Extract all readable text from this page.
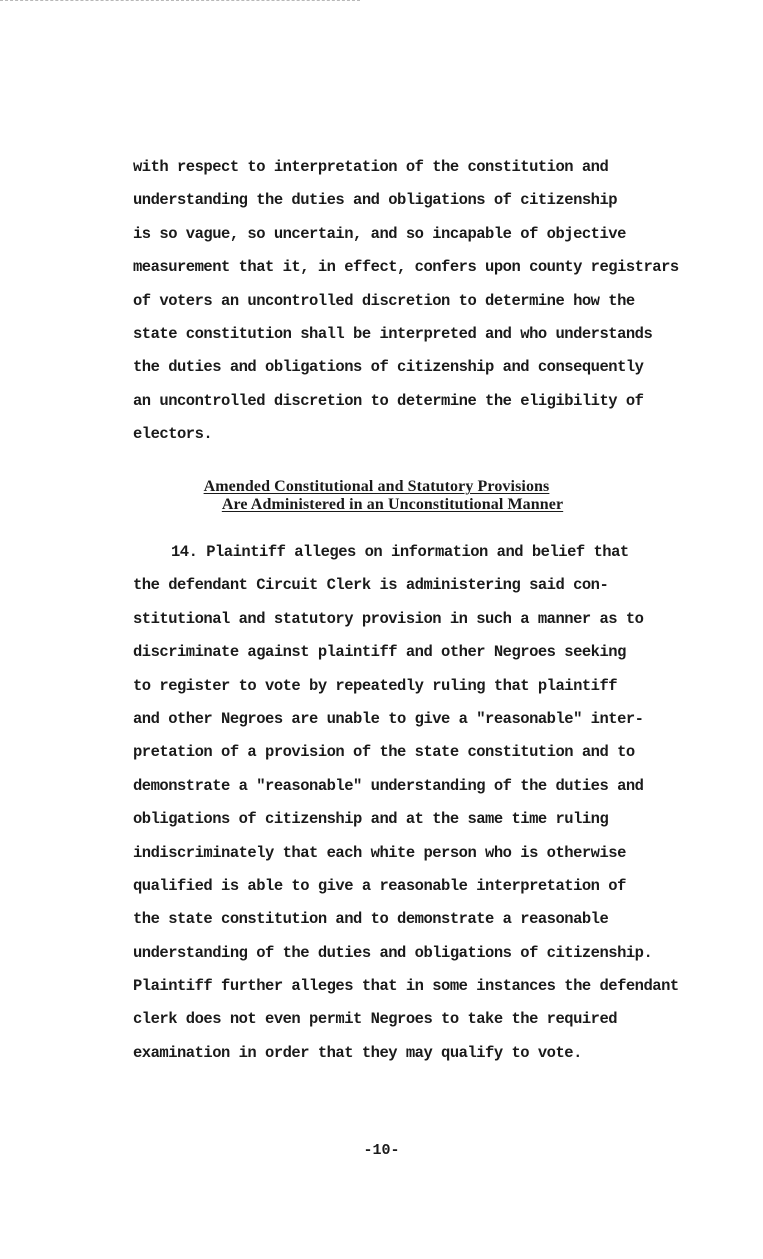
with respect to interpretation of the constitution and
understanding the duties and obligations of citizenship
is so vague, so uncertain, and so incapable of objective
measurement that it, in effect, confers upon county registrars
of voters an uncontrolled discretion to determine how the
state constitution shall be interpreted and who understands
the duties and obligations of citizenship and consequently
an uncontrolled discretion to determine the eligibility of
electors.
Amended Constitutional and Statutory Provisions
Are Administered in an Unconstitutional Manner
14. Plaintiff alleges on information and belief that
the defendant Circuit Clerk is administering said con-
stitutional and statutory provision in such a manner as to
discriminate against plaintiff and other Negroes seeking
to register to vote by repeatedly ruling that plaintiff
and other Negroes are unable to give a "reasonable" inter-
pretation of a provision of the state constitution and to
demonstrate a "reasonable" understanding of the duties and
obligations of citizenship and at the same time ruling
indiscriminately that each white person who is otherwise
qualified is able to give a reasonable interpretation of
the state constitution and to demonstrate a reasonable
understanding of the duties and obligations of citizenship.
Plaintiff further alleges that in some instances the defendant
clerk does not even permit Negroes to take the required
examination in order that they may qualify to vote.
-10-
